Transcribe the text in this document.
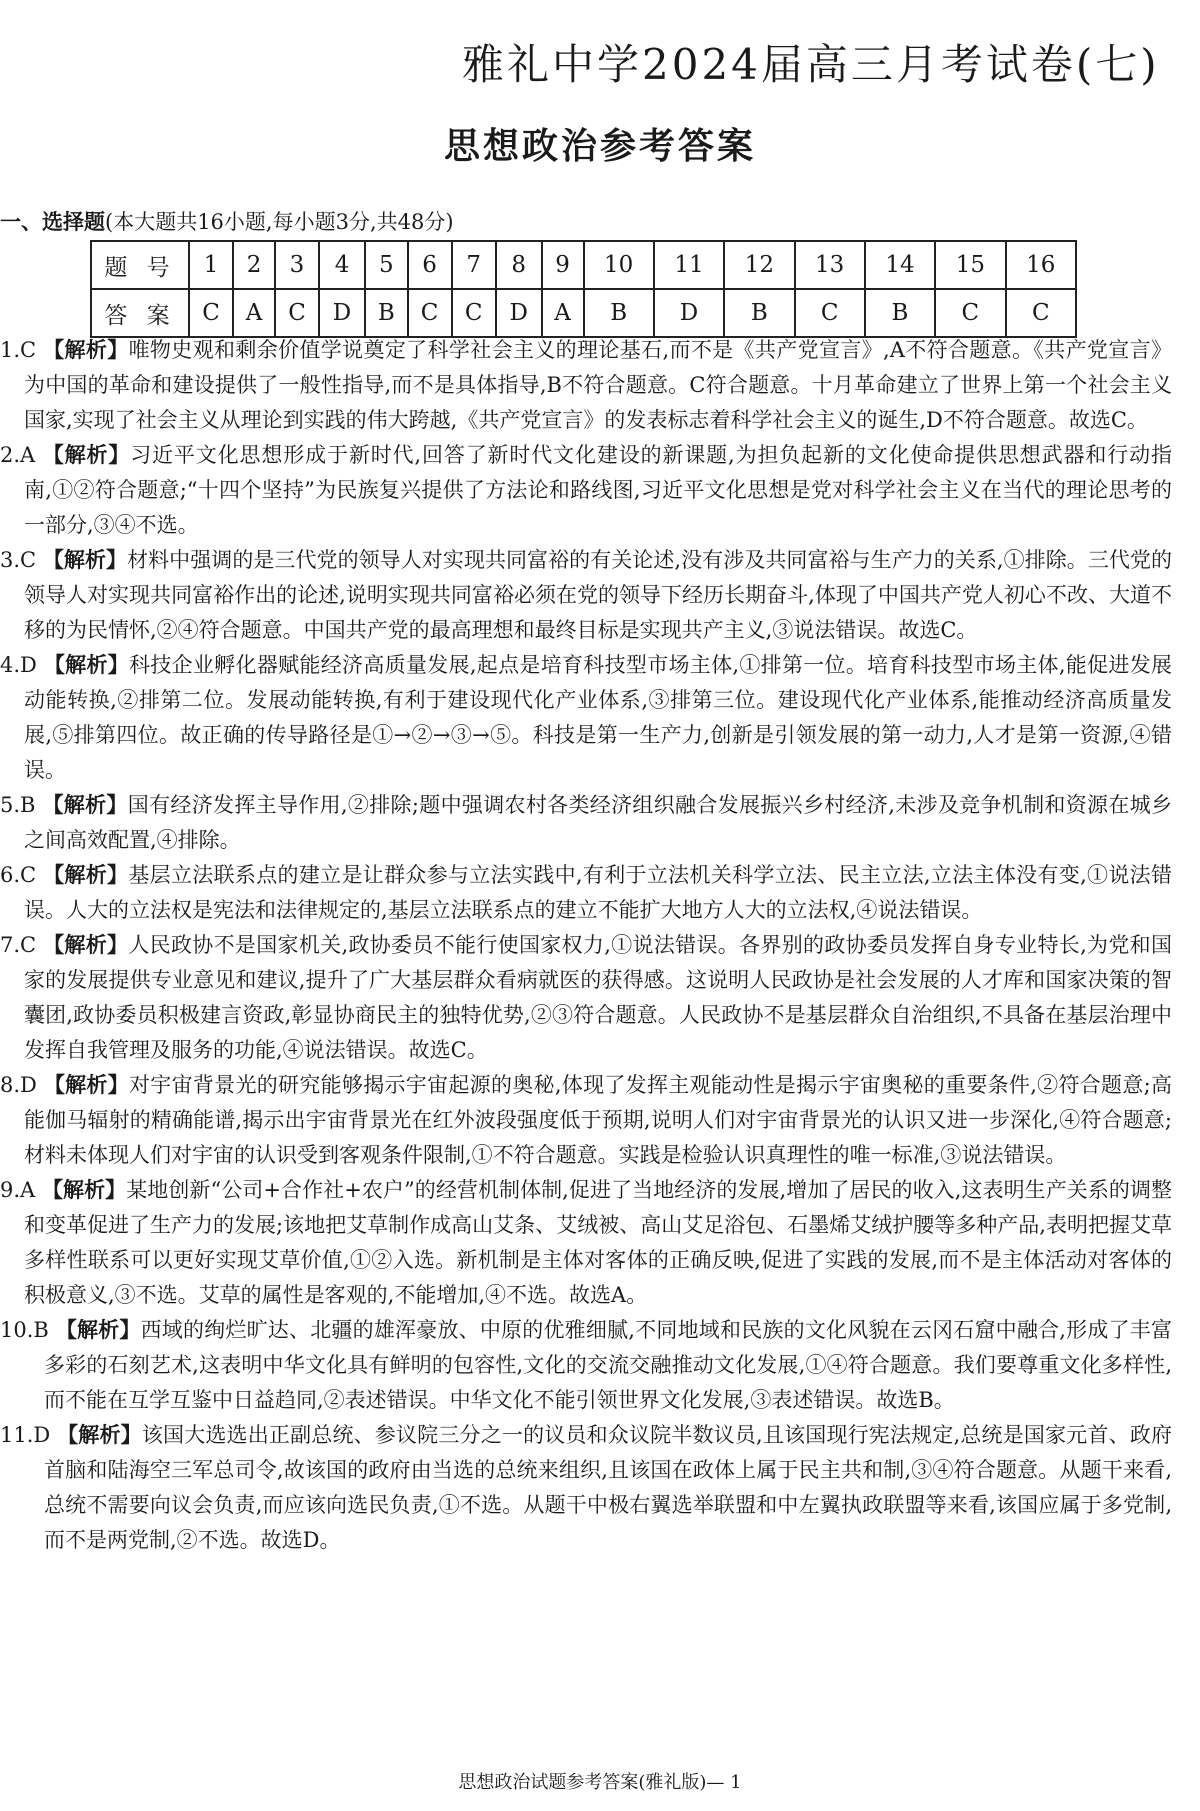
雅礼中学2024届高三月考试卷(七)
思想政治参考答案
一、选择题(本大题共16小题,每小题3分,共48分)
题 号	1	2	3	4	5	6	7	8	9	10	11	12	13	14	15	16
答 案	C	A	C	D	B	C	C	D	A	B	D	B	C	B	C	C

1.C 【解析】唯物史观和剩余价值学说奠定了科学社会主义的理论基石,而不是《共产党宣言》,A不符合题意。《共产党宣言》为中国的革命和建设提供了一般性指导,而不是具体指导,B不符合题意。C符合题意。十月革命建立了世界上第一个社会主义国家,实现了社会主义从理论到实践的伟大跨越,《共产党宣言》的发表标志着科学社会主义的诞生,D不符合题意。故选C。

2.A 【解析】习近平文化思想形成于新时代,回答了新时代文化建设的新课题,为担负起新的文化使命提供思想武器和行动指南,①②符合题意;“十四个坚持”为民族复兴提供了方法论和路线图,习近平文化思想是党对科学社会主义在当代的理论思考的一部分,③④不选。

3.C 【解析】材料中强调的是三代党的领导人对实现共同富裕的有关论述,没有涉及共同富裕与生产力的关系,①排除。三代党的领导人对实现共同富裕作出的论述,说明实现共同富裕必须在党的领导下经历长期奋斗,体现了中国共产党人初心不改、大道不移的为民情怀,②④符合题意。中国共产党的最高理想和最终目标是实现共产主义,③说法错误。故选C。

4.D 【解析】科技企业孵化器赋能经济高质量发展,起点是培育科技型市场主体,①排第一位。培育科技型市场主体,能促进发展动能转换,②排第二位。发展动能转换,有利于建设现代化产业体系,③排第三位。建设现代化产业体系,能推动经济高质量发展,⑤排第四位。故正确的传导路径是①→②→③→⑤。科技是第一生产力,创新是引领发展的第一动力,人才是第一资源,④错误。

5.B 【解析】国有经济发挥主导作用,②排除;题中强调农村各类经济组织融合发展振兴乡村经济,未涉及竞争机制和资源在城乡之间高效配置,④排除。

6.C 【解析】基层立法联系点的建立是让群众参与立法实践中,有利于立法机关科学立法、民主立法,立法主体没有变,①说法错误。人大的立法权是宪法和法律规定的,基层立法联系点的建立不能扩大地方人大的立法权,④说法错误。

7.C 【解析】人民政协不是国家机关,政协委员不能行使国家权力,①说法错误。各界别的政协委员发挥自身专业特长,为党和国家的发展提供专业意见和建议,提升了广大基层群众看病就医的获得感。这说明人民政协是社会发展的人才库和国家决策的智囊团,政协委员积极建言资政,彰显协商民主的独特优势,②③符合题意。人民政协不是基层群众自治组织,不具备在基层治理中发挥自我管理及服务的功能,④说法错误。故选C。

8.D 【解析】对宇宙背景光的研究能够揭示宇宙起源的奥秘,体现了发挥主观能动性是揭示宇宙奥秘的重要条件,②符合题意;高能伽马辐射的精确能谱,揭示出宇宙背景光在红外波段强度低于预期,说明人们对宇宙背景光的认识又进一步深化,④符合题意;材料未体现人们对宇宙的认识受到客观条件限制,①不符合题意。实践是检验认识真理性的唯一标准,③说法错误。

9.A 【解析】某地创新“公司+合作社+农户”的经营机制体制,促进了当地经济的发展,增加了居民的收入,这表明生产关系的调整和变革促进了生产力的发展;该地把艾草制作成高山艾条、艾绒被、高山艾足浴包、石墨烯艾绒护腰等多种产品,表明把握艾草多样性联系可以更好实现艾草价值,①②入选。新机制是主体对客体的正确反映,促进了实践的发展,而不是主体活动对客体的积极意义,③不选。艾草的属性是客观的,不能增加,④不选。故选A。

10.B 【解析】西域的绚烂旷达、北疆的雄浑豪放、中原的优雅细腻,不同地域和民族的文化风貌在云冈石窟中融合,形成了丰富多彩的石刻艺术,这表明中华文化具有鲜明的包容性,文化的交流交融推动文化发展,①④符合题意。我们要尊重文化多样性,而不能在互学互鉴中日益趋同,②表述错误。中华文化不能引领世界文化发展,③表述错误。故选B。

11.D 【解析】该国大选选出正副总统、参议院三分之一的议员和众议院半数议员,且该国现行宪法规定,总统是国家元首、政府首脑和陆海空三军总司令,故该国的政府由当选的总统来组织,且该国在政体上属于民主共和制,③④符合题意。从题干来看,总统不需要向议会负责,而应该向选民负责,①不选。从题干中极右翼选举联盟和中左翼执政联盟等来看,该国应属于多党制,而不是两党制,②不选。故选D。

思想政治试题参考答案(雅礼版)— 1
